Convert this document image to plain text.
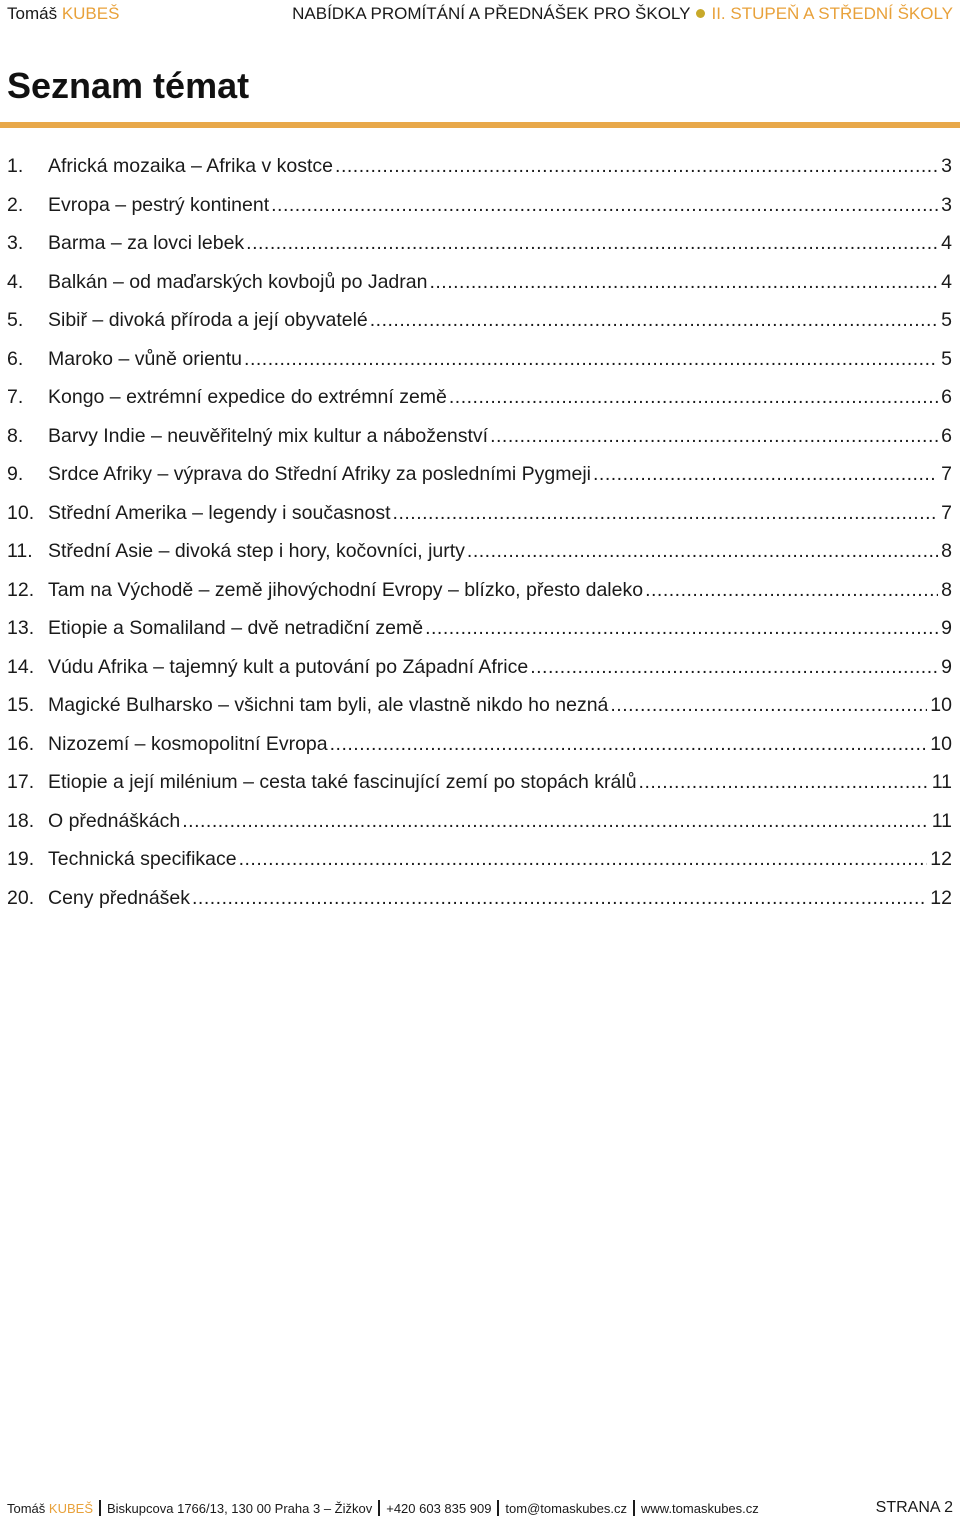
Tomáš KUBEŠ	NABÍDKA PROMÍTÁNÍ A PŘEDNÁŠEK PRO ŠKOLY II. STUPEŇ A STŘEDNÍ ŠKOLY
Seznam témat
1.	Africká mozaika – Afrika v kostce .....	3
2.	Evropa – pestrý kontinent .....	3
3.	Barma – za lovci lebek .....	4
4.	Balkán – od maďarských kovbojů po Jadran .....	4
5.	Sibiř – divoká příroda a její obyvatelé .....	5
6.	Maroko – vůně orientu .....	5
7.	Kongo – extrémní expedice do extrémní země .....	6
8.	Barvy Indie – neuvěřitelný mix kultur a náboženství .....	6
9.	Srdce Afriky – výprava do Střední Afriky za posledními Pygmeji .....	7
10. Střední Amerika – legendy i současnost .....	7
11. Střední Asie – divoká step i hory, kočovníci, jurty .....	8
12. Tam na Východě – země jihovýchodní Evropy – blízko, přesto daleko .....	8
13. Etiopie a Somaliland – dvě netradiční země .....	9
14. Vúdu Afrika – tajemný kult a putování po Západní Africe .....	9
15. Magické Bulharsko – všichni tam byli, ale vlastně nikdo ho nezná .....	10
16. Nizozemí – kosmopolitní Evropa .....	10
17. Etiopie a její milénium – cesta také fascinující zemí po stopách králů .....	11
18. O přednáškách .....	11
19. Technická specifikace .....	12
20. Ceny přednášek .....	12
Tomáš KUBEŠ Biskupcova 1766/13, 130 00 Praha 3 – Žižkov +420 603 835 909 tom@tomaskubes.cz www.tomaskubes.cz	STRANA 2
